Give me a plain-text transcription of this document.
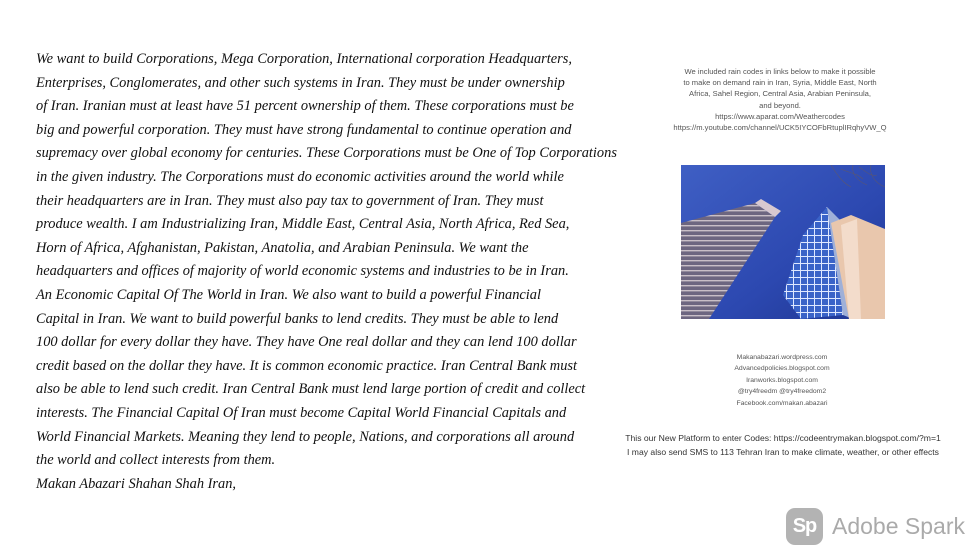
We want to build Corporations, Mega Corporation, International corporation Headquarters,
Enterprises, Conglomerates, and other such systems in Iran. They must be under ownership
of Iran. Iranian must at least have 51 percent ownership of them. These corporations must be
big and powerful corporation. They must have strong fundamental to continue operation and
supremacy over global economy for centuries. These Corporations must be One of Top Corporations
in the given industry. The Corporations must do economic activities around the world while
their headquarters are in Iran. They must also pay tax to government of Iran. They must
produce wealth. I am Industrializing Iran, Middle East, Central Asia, North Africa, Red Sea,
Horn of Africa, Afghanistan, Pakistan, Anatolia, and Arabian Peninsula. We want the
headquarters and offices of majority of world economic systems and industries to be in Iran.
An Economic Capital Of The World in Iran. We also want to build a powerful Financial
Capital in Iran. We want to build powerful banks to lend credits. They must be able to lend
100 dollar for every dollar they have. They have One real dollar and they can lend 100 dollar
credit based on the dollar they have. It is common economic practice. Iran Central Bank must
also be able to lend such credit. Iran Central Bank must lend large portion of credit and collect
interests. The Financial Capital Of Iran must become Capital World Financial Capitals and
World Financial Markets. Meaning they lend to people, Nations, and corporations all around
the world and collect interests from them.
Makan Abazari Shahan Shah Iran,
We included rain codes in links below to make it possible
to make on demand rain in Iran, Syria, Middle East, North
Africa, Sahel Region, Central Asia, Arabian Peninsula,
and beyond.
https://www.aparat.com/Weathercodes
https://m.youtube.com/channel/UCK5IYCOFbRtuplIRqhyVW_Q
Makanabazari.wordpress.com
Advancedpolicies.blogspot.com
Iranworks.blogspot.com
@try4freedm @try4freedom2
Facebook.com/makan.abazari
This our New Platform to enter Codes: https://codeentrymakan.blogspot.com/?m=1
I may also send SMS to 113 Tehran Iran to make climate, weather, or other effects
Sp Adobe Spark
